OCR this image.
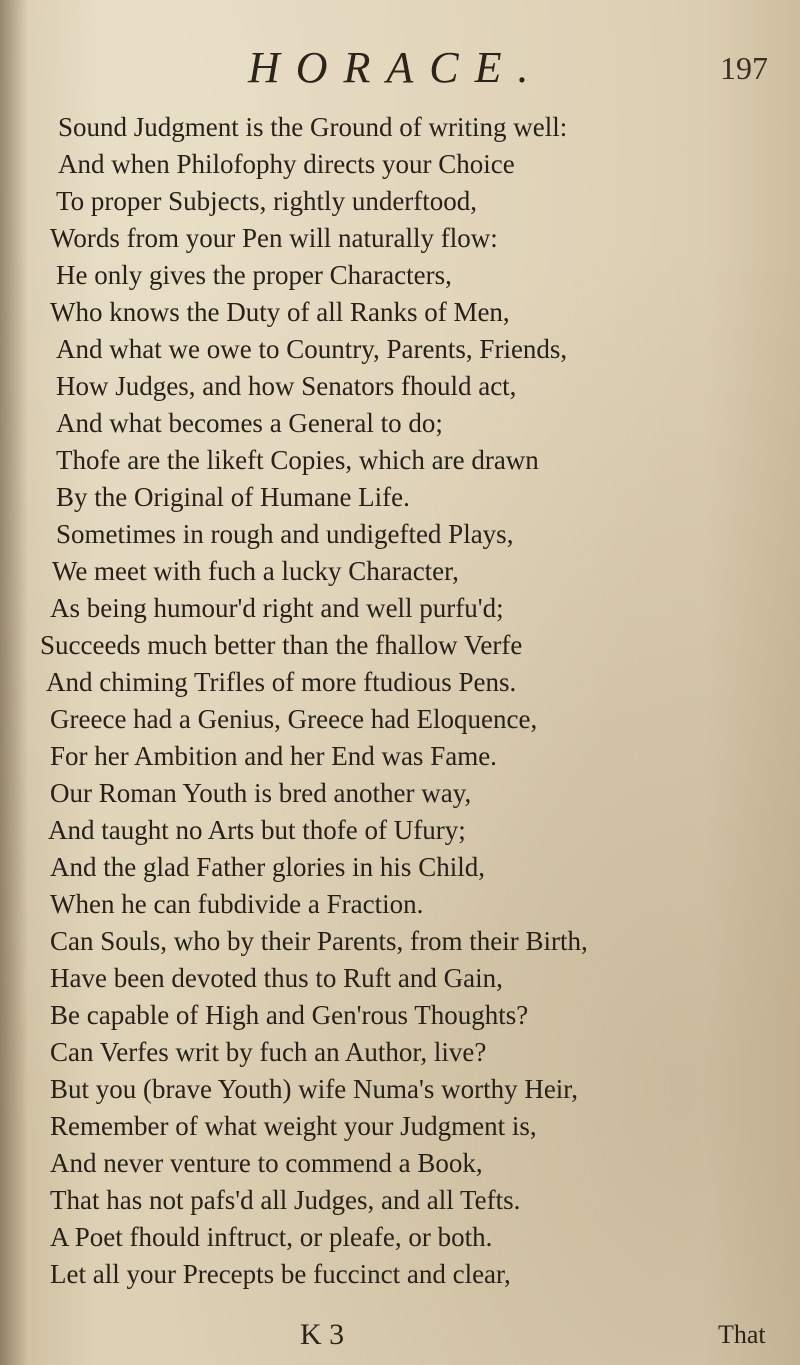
HORACE.	197
Sound Judgment is the Ground of writing well:
And when Philofophy directs your Choice
To proper Subjects, rightly underftood,
Words from your Pen will naturally flow:
He only gives the proper Characters,
Who knows the Duty of all Ranks of Men,
And what we owe to Country, Parents, Friends,
How Judges, and how Senators fhould act,
And what becomes a General to do;
Thofe are the likeft Copies, which are drawn
By the Original of Humane Life.
Sometimes in rough and undigefted Plays,
We meet with fuch a lucky Character,
As being humour'd right and well purfu'd;
Succeeds much better than the fhallow Verfe
And chiming Trifles of more ftudious Pens.
Greece had a Genius, Greece had Eloquence,
For her Ambition and her End was Fame.
Our Roman Youth is bred another way,
And taught no Arts but thofe of Ufury;
And the glad Father glories in his Child,
When he can fubdivide a Fraction.
Can Souls, who by their Parents, from their Birth,
Have been devoted thus to Ruft and Gain,
Be capable of High and Gen'rous Thoughts?
Can Verfes writ by fuch an Author, live?
But you (brave Youth) wife Numa's worthy Heir,
Remember of what weight your Judgment is,
And never venture to commend a Book,
That has not pafs'd all Judges, and all Tefts.
A Poet fhould inftruct, or pleafe, or both.
Let all your Precepts be fuccinct and clear,
K 3	That
